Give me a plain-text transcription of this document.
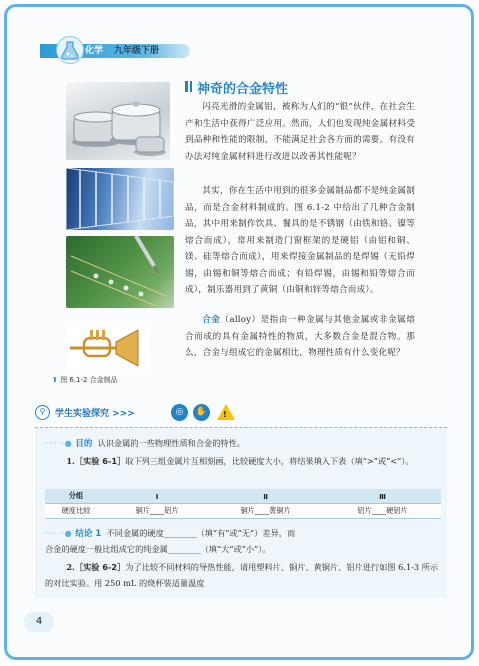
化学 九年级下册
神奇的合金特性

闪亮光滑的金属铝，被称为人们的“银”伙伴，在社会生产和生活中获得广泛应用。然而，人们也发现纯金属材料受到品种和性能的限制，不能满足社会各方面的需要。有没有办法对纯金属材料进行改进以改善其性能呢？

其实，你在生活中用到的很多金属制品都不是纯金属制品，而是合金材料制成的。图 6.1-2 中给出了几种合金制品，其中用来制作饮具、餐具的是不锈钢（由铁和铬、镍等熔合而成），常用来制造门窗框架的是硬铝（由铝和铜、镁、硅等熔合而成），用来焊接金属制品的是焊锡（无铅焊锡，由锡和铜等熔合而成；有铅焊锡，由锡和铅等熔合而成），制乐器用到了黄铜（由铜和锌等熔合而成）。

合金（alloy）是指由一种金属与其他金属或非金属熔合而成的具有金属特性的物质，大多数合金是混合物。那么，合金与组成它的金属相比，物理性质有什么变化呢？

⬆ 图 6.1-2 合金制品
⚲	学生实验探究 >>>	◎	✋	!

······● 目的 认识金属的一些物理性质和合金的特性。

1.［实验 6-1］取下列三组金属片互相刻画，比较硬度大小，将结果填入下表（填“>”或“<”）。

分组	Ⅰ	Ⅱ	Ⅲ
硬度比较	铜片____铝片	铜片____黄铜片	铝片____硬铝片

······● 结论 1 不同金属的硬度________（填“有”或“无”）差异，而

合金的硬度一般比组成它的纯金属________（填“大”或“小”）。

2.［实验 6-2］为了比较不同材料的导热性能，请用塑料片、铜片、黄铜片、铝片进行如图 6.1-3 所示的对比实验。用 250 mL 的烧杯装适量温度

4
